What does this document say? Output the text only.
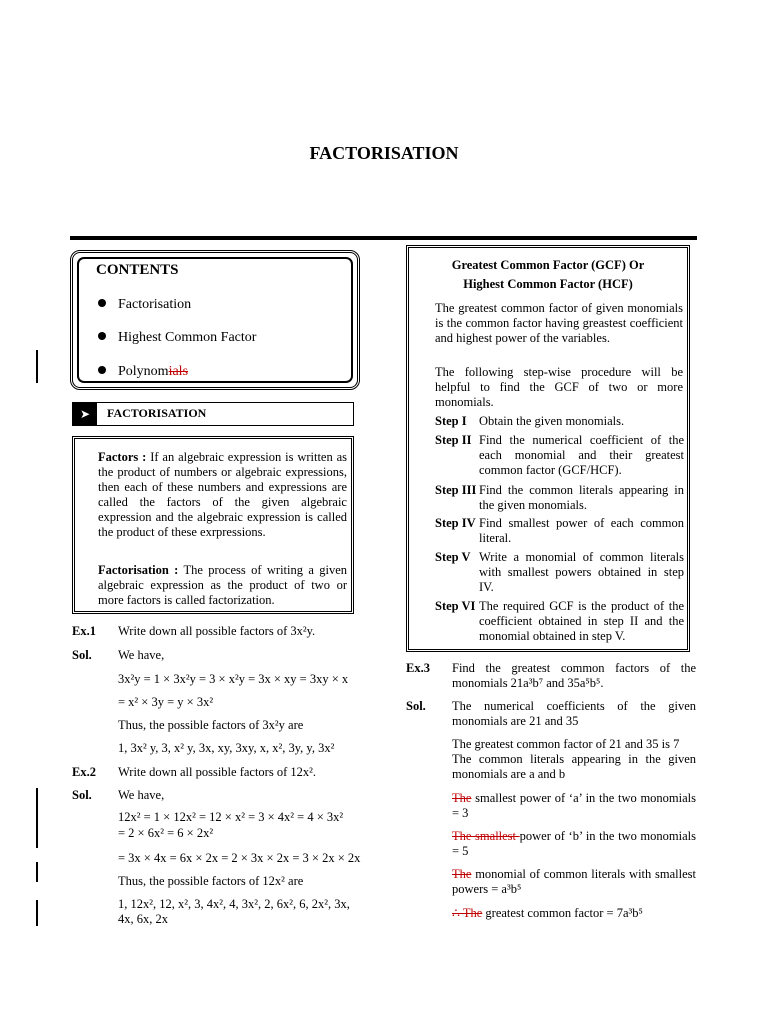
FACTORISATION
CONTENTS
Factorisation
Highest Common Factor
Polynomials
➤	FACTORISATION
Factors : If an algebraic expression is written as the product of numbers or algebraic expressions, then each of these numbers and expressions are called the factors of the given algebraic expression and the algebraic expression is called the product of these exrpressions.
Factorisation : The process of writing a given algebraic expression as the product of two or more factors is called factorization.
Greatest Common Factor (GCF) Or
Highest Common Factor (HCF)
The greatest common factor of given monomials is the common factor having greastest coefficient and highest power of the variables.
The following step-wise procedure will be helpful to find the GCF of two or more monomials.
Step I Obtain the given monomials.
Step II Find the numerical coefficient of the each monomial and their greatest common factor (GCF/HCF).
Step III Find the common literals appearing in the given monomials.
Step IV Find smallest power of each common literal.
Step V Write a monomial of common literals with smallest powers obtained in step IV.
Step VI The required GCF is the product of the coefficient obtained in step II and the monomial obtained in step V.
Ex.1 Write down all possible factors of 3x²y.
Sol. We have,
3x²y = 1 × 3x²y = 3 × x²y = 3x × xy = 3xy × x
= x² × 3y = y × 3x²
Thus, the possible factors of 3x²y are
1, 3x² y, 3, x² y, 3x, xy, 3xy, x, x², 3y, y, 3x²
Ex.2 Write down all possible factors of 12x².
Sol. We have,
12x² = 1 × 12x² = 12 × x² = 3 × 4x² = 4 × 3x²
= 2 × 6x² = 6 × 2x²
= 3x × 4x = 6x × 2x = 2 × 3x × 2x = 3 × 2x × 2x
Thus, the possible factors of 12x² are
1, 12x², 12, x², 3, 4x², 4, 3x², 2, 6x², 6, 2x², 3x, 4x, 6x, 2x
Ex.3 Find the greatest common factors of the monomials 21a³b⁷ and 35a⁵b⁵.
Sol. The numerical coefficients of the given monomials are 21 and 35
The greatest common factor of 21 and 35 is 7
The common literals appearing in the given monomials are a and b
The smallest power of ‘a’ in the two monomials = 3
The smallest power of ‘b’ in the two monomials = 5
The monomial of common literals with smallest powers = a³b⁵
∴ The greatest common factor = 7a³b⁵
